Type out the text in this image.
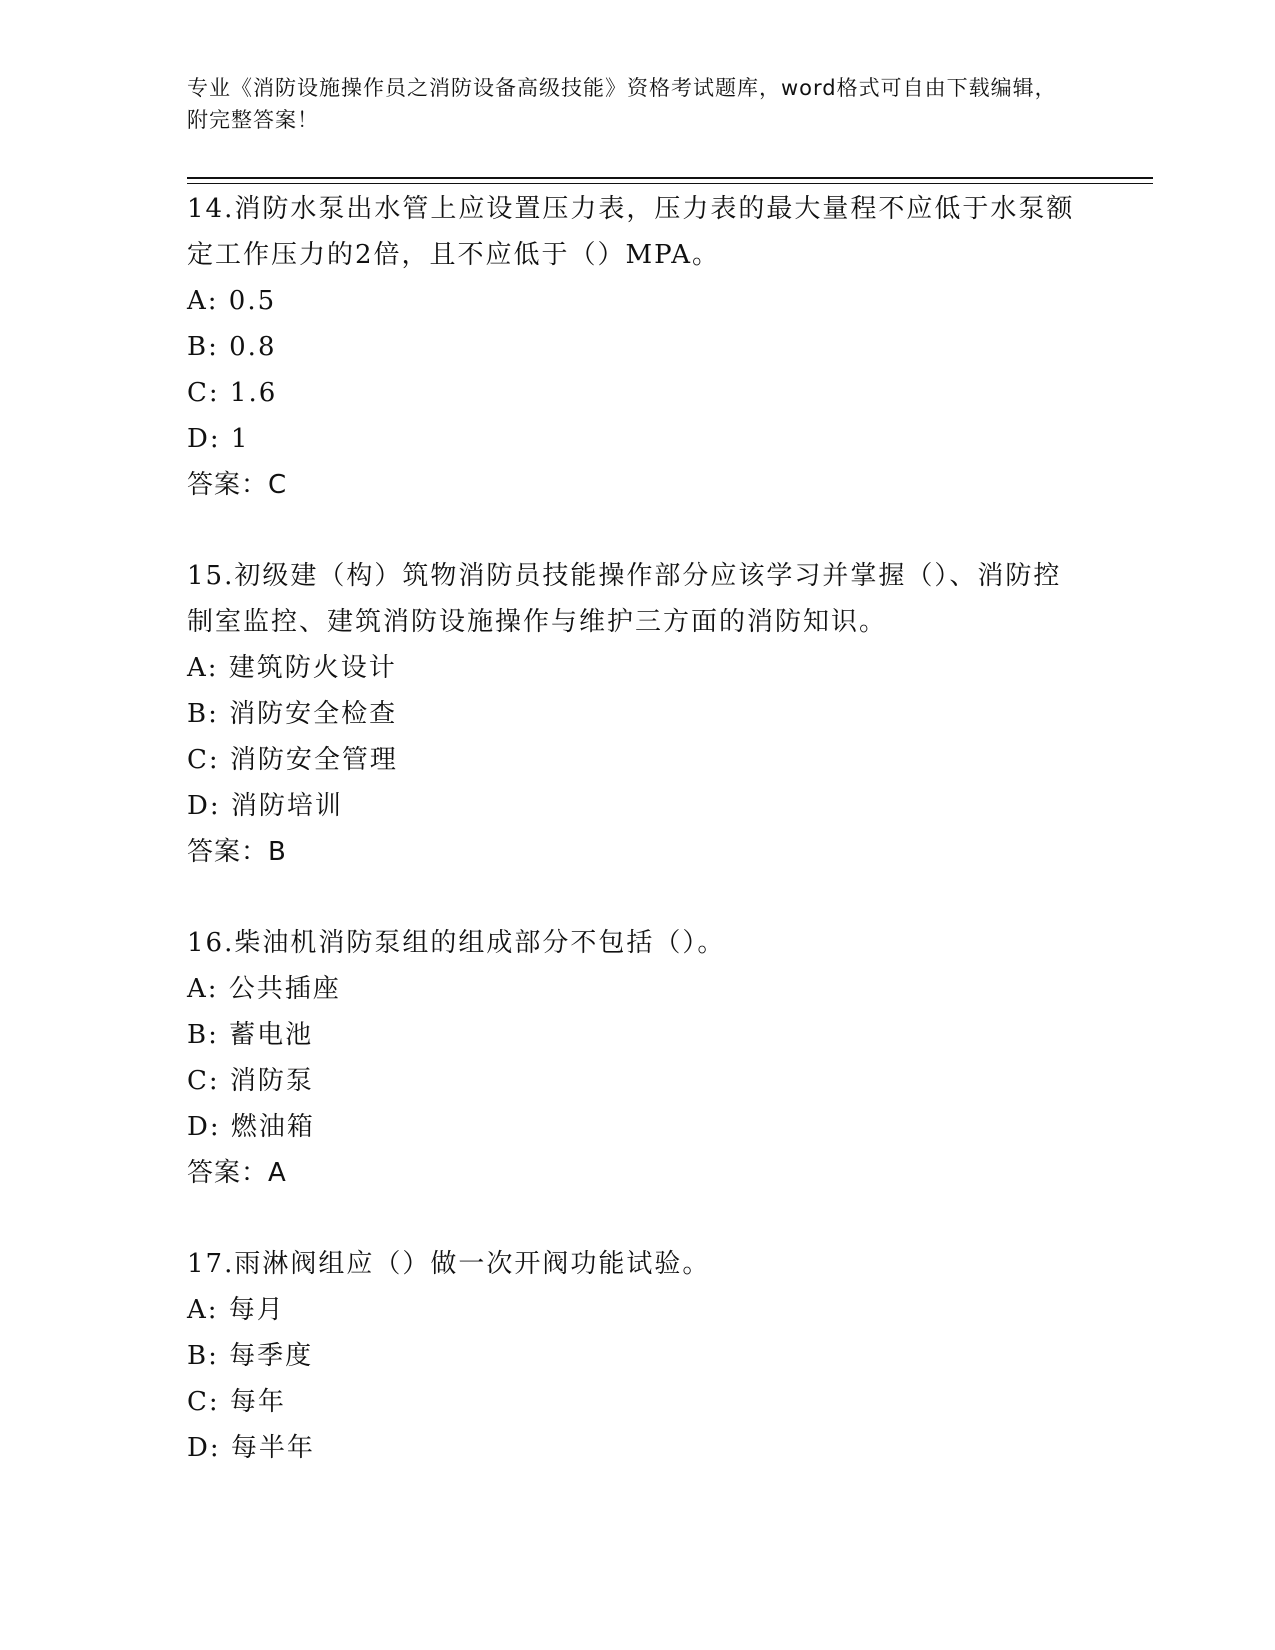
专业《消防设施操作员之消防设备高级技能》资格考试题库，word格式可自由下载编辑，附完整答案！

14.消防水泵出水管上应设置压力表，压力表的最大量程不应低于水泵额定工作压力的2倍，且不应低于（）MPA。

A: 0.5

B: 0.8

C: 1.6

D: 1

答案：C

15.初级建（构）筑物消防员技能操作部分应该学习并掌握（）、消防控制室监控、建筑消防设施操作与维护三方面的消防知识。

A: 建筑防火设计

B: 消防安全检查

C: 消防安全管理

D: 消防培训

答案：B

16.柴油机消防泵组的组成部分不包括（）。

A: 公共插座

B: 蓄电池

C: 消防泵

D: 燃油箱

答案：A

17.雨淋阀组应（）做一次开阀功能试验。

A: 每月

B: 每季度

C: 每年

D: 每半年
